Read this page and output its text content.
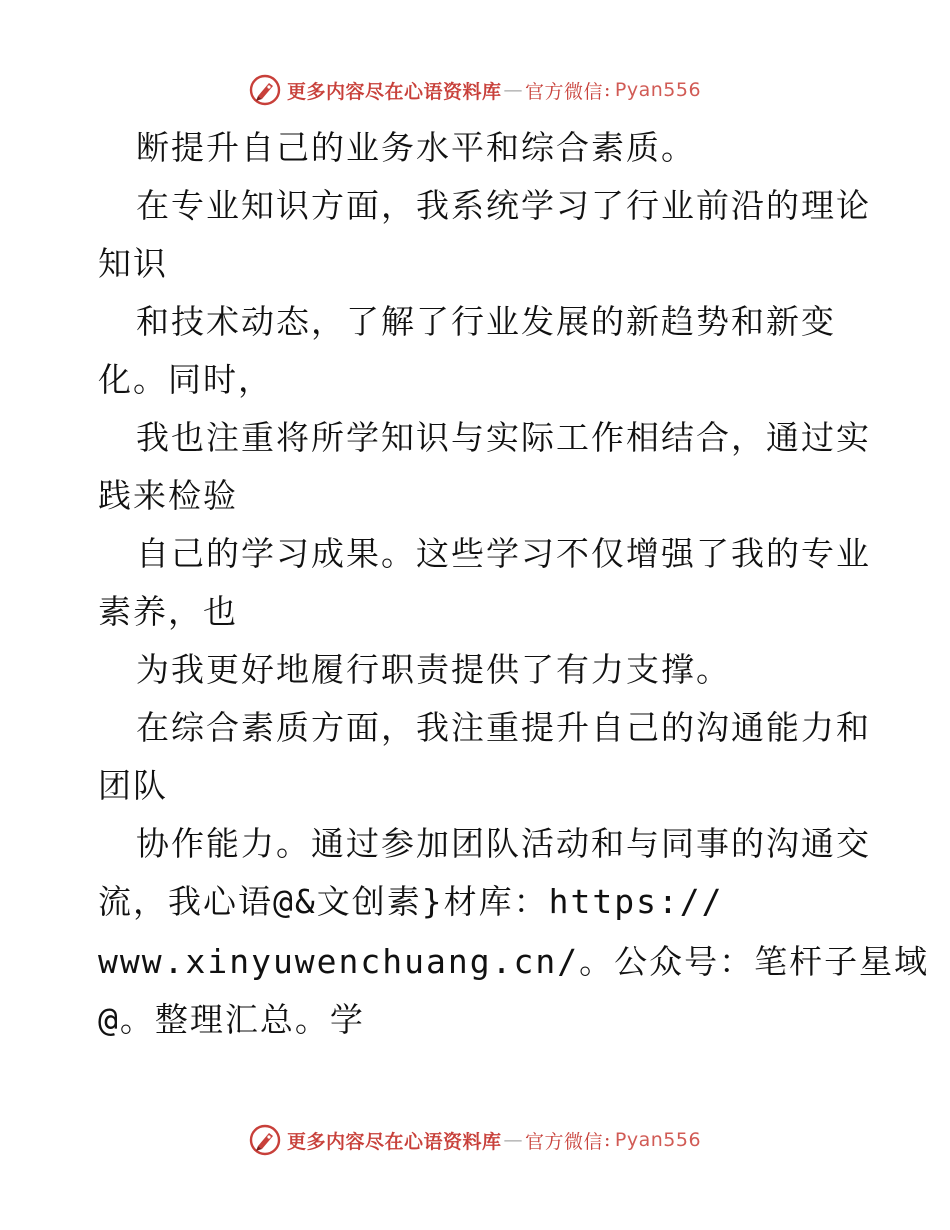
更多内容尽在心语资料库 — 官方微信 : Pyan556
断提升自己的业务水平和综合素质。
在专业知识方面，我系统学习了行业前沿的理论
知识
和技术动态，了解了行业发展的新趋势和新变
化。同时，
我也注重将所学知识与实际工作相结合，通过实
践来检验
自己的学习成果。这些学习不仅增强了我的专业
素养，也
为我更好地履行职责提供了有力支撑。
在综合素质方面，我注重提升自己的沟通能力和
团队
协作能力。通过参加团队活动和与同事的沟通交
流，我心语@&文创素}材库：https://
www.xinyuwenchuang.cn/。公众号：笔杆子星域
@。整理汇总。学
更多内容尽在心语资料库 — 官方微信 : Pyan556
